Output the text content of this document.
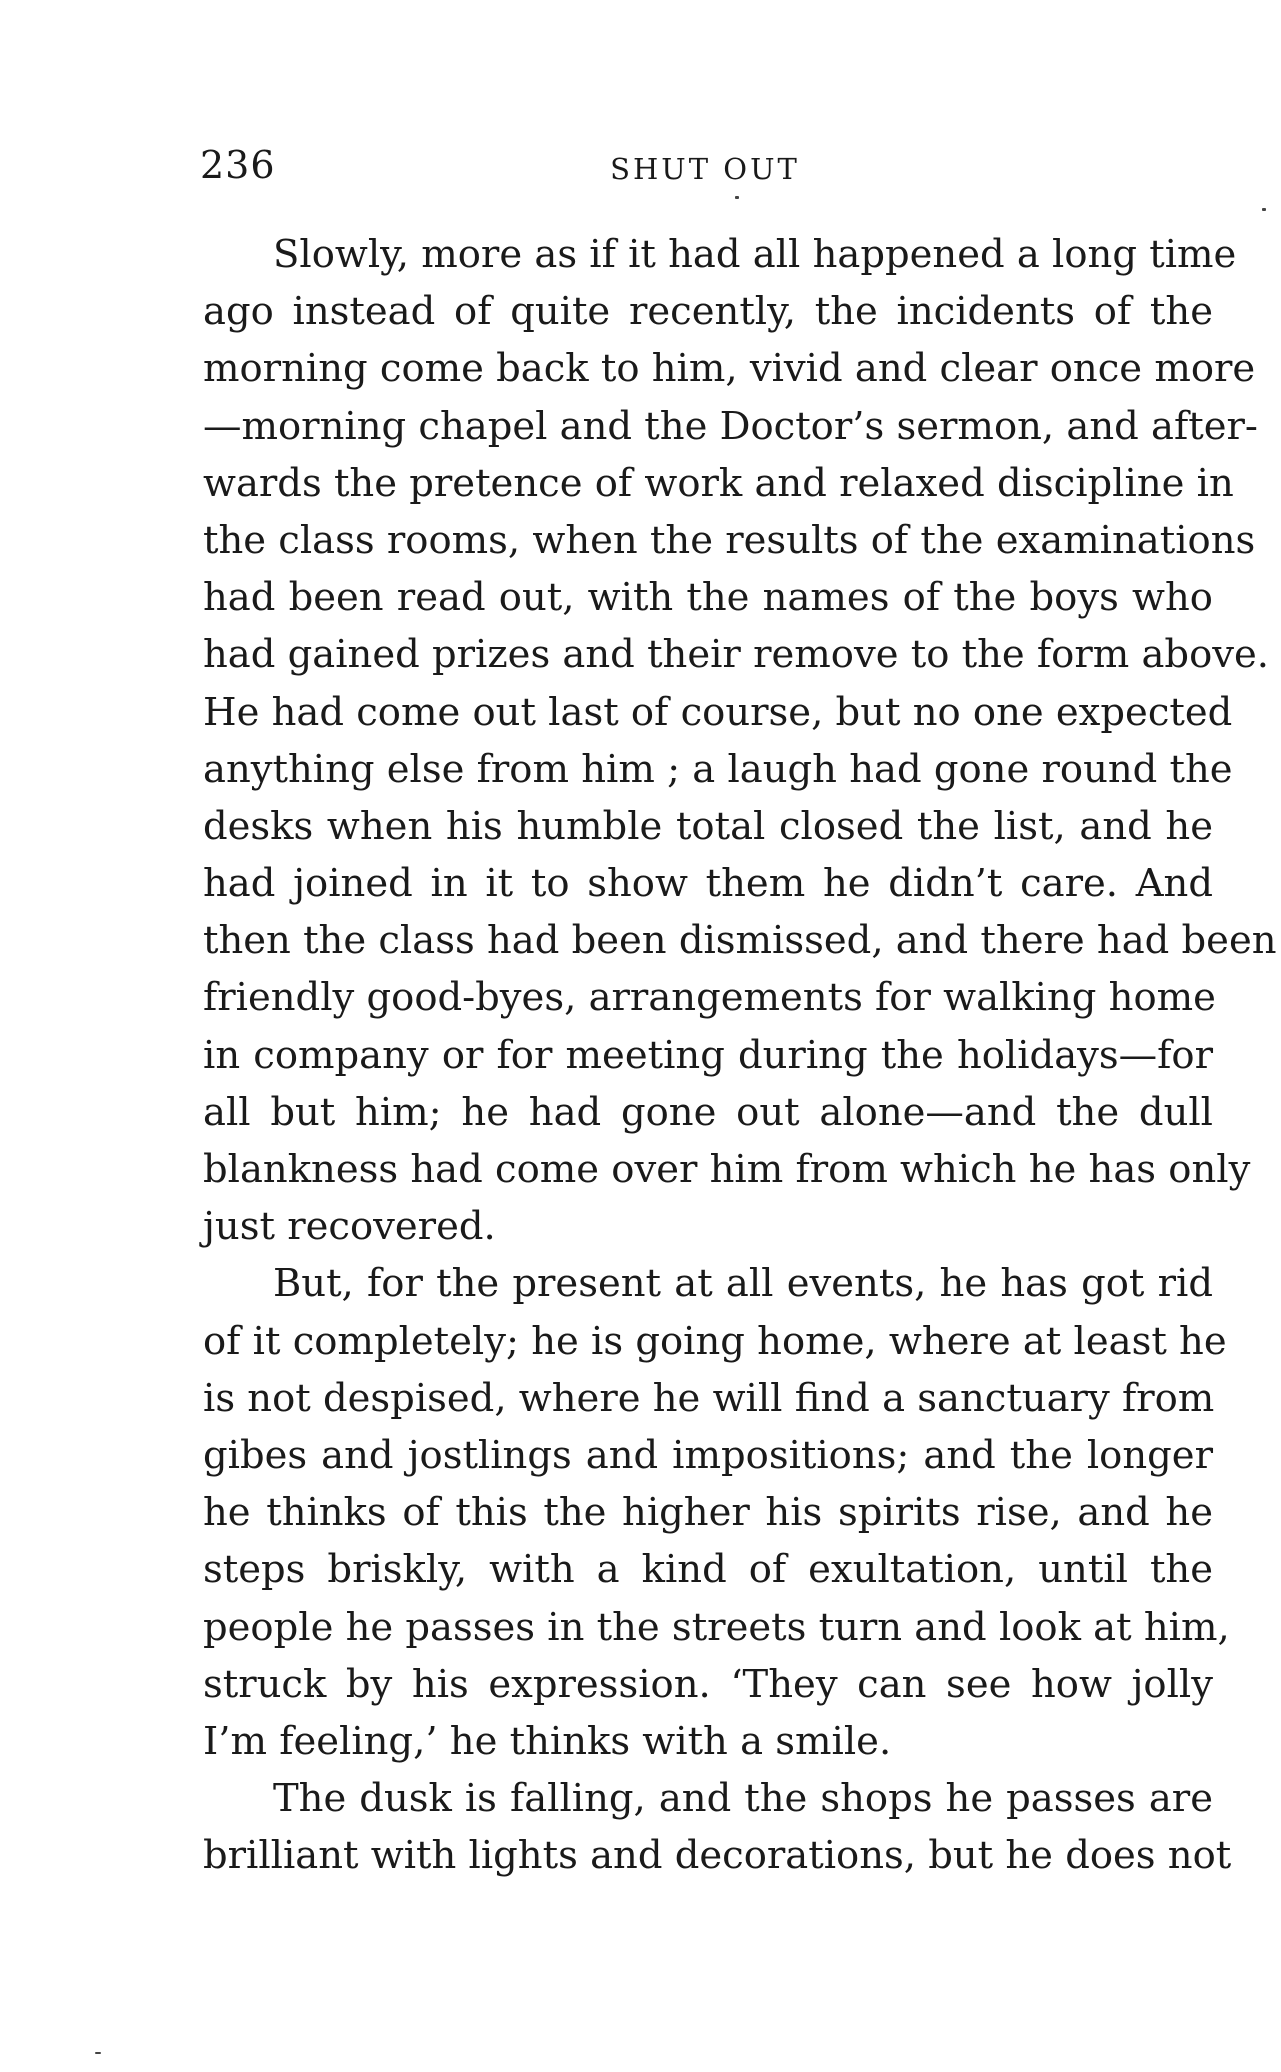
236	SHUT OUT
Slowly, more as if it had all happened a long time
ago instead of quite recently, the incidents of the
morning come back to him, vivid and clear once more
—morning chapel and the Doctor’s sermon, and after-
wards the pretence of work and relaxed discipline in
the class rooms, when the results of the examinations
had been read out, with the names of the boys who
had gained prizes and their remove to the form above.
He had come out last of course, but no one expected
anything else from him ; a laugh had gone round the
desks when his humble total closed the list, and he
had joined in it to show them he didn’t care. And
then the class had been dismissed, and there had been
friendly good-byes, arrangements for walking home
in company or for meeting during the holidays—for
all but him; he had gone out alone—and the dull
blankness had come over him from which he has only
just recovered.
But, for the present at all events, he has got rid
of it completely; he is going home, where at least he
is not despised, where he will find a sanctuary from
gibes and jostlings and impositions; and the longer
he thinks of this the higher his spirits rise, and he
steps briskly, with a kind of exultation, until the
people he passes in the streets turn and look at him,
struck by his expression. ‘They can see how jolly
I’m feeling,’ he thinks with a smile.
The dusk is falling, and the shops he passes are
brilliant with lights and decorations, but he does not
